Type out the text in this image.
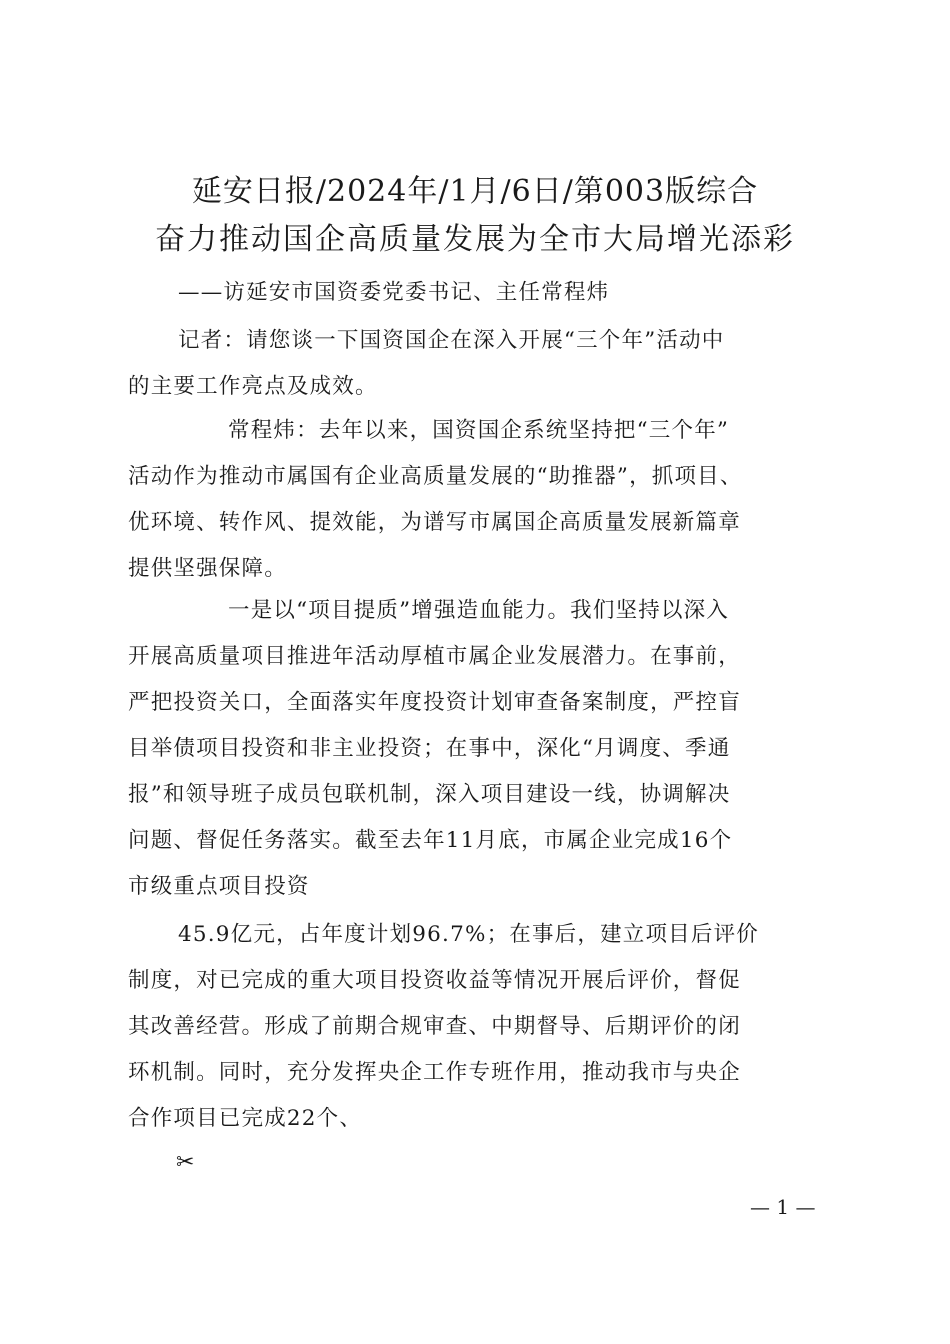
延安日报/2024年/1月/6日/第003版综合
奋力推动国企高质量发展为全市大局增光添彩
——访延安市国资委党委书记、主任常程炜
记者：请您谈一下国资国企在深入开展“三个年”活动中
的主要工作亮点及成效。
常程炜：去年以来，国资国企系统坚持把“三个年”
活动作为推动市属国有企业高质量发展的“助推器”，抓项目、
优环境、转作风、提效能，为谱写市属国企高质量发展新篇章
提供坚强保障。
一是以“项目提质”增强造血能力。我们坚持以深入
开展高质量项目推进年活动厚植市属企业发展潜力。在事前，
严把投资关口，全面落实年度投资计划审查备案制度，严控盲
目举债项目投资和非主业投资；在事中，深化“月调度、季通
报”和领导班子成员包联机制，深入项目建设一线，协调解决
问题、督促任务落实。截至去年11月底，市属企业完成16个
市级重点项目投资
45.9亿元，占年度计划96.7%；在事后，建立项目后评价
制度，对已完成的重大项目投资收益等情况开展后评价，督促
其改善经营。形成了前期合规审查、中期督导、后期评价的闭
环机制。同时，充分发挥央企工作专班作用，推动我市与央企
合作项目已完成22个、
✂
— 1 —
